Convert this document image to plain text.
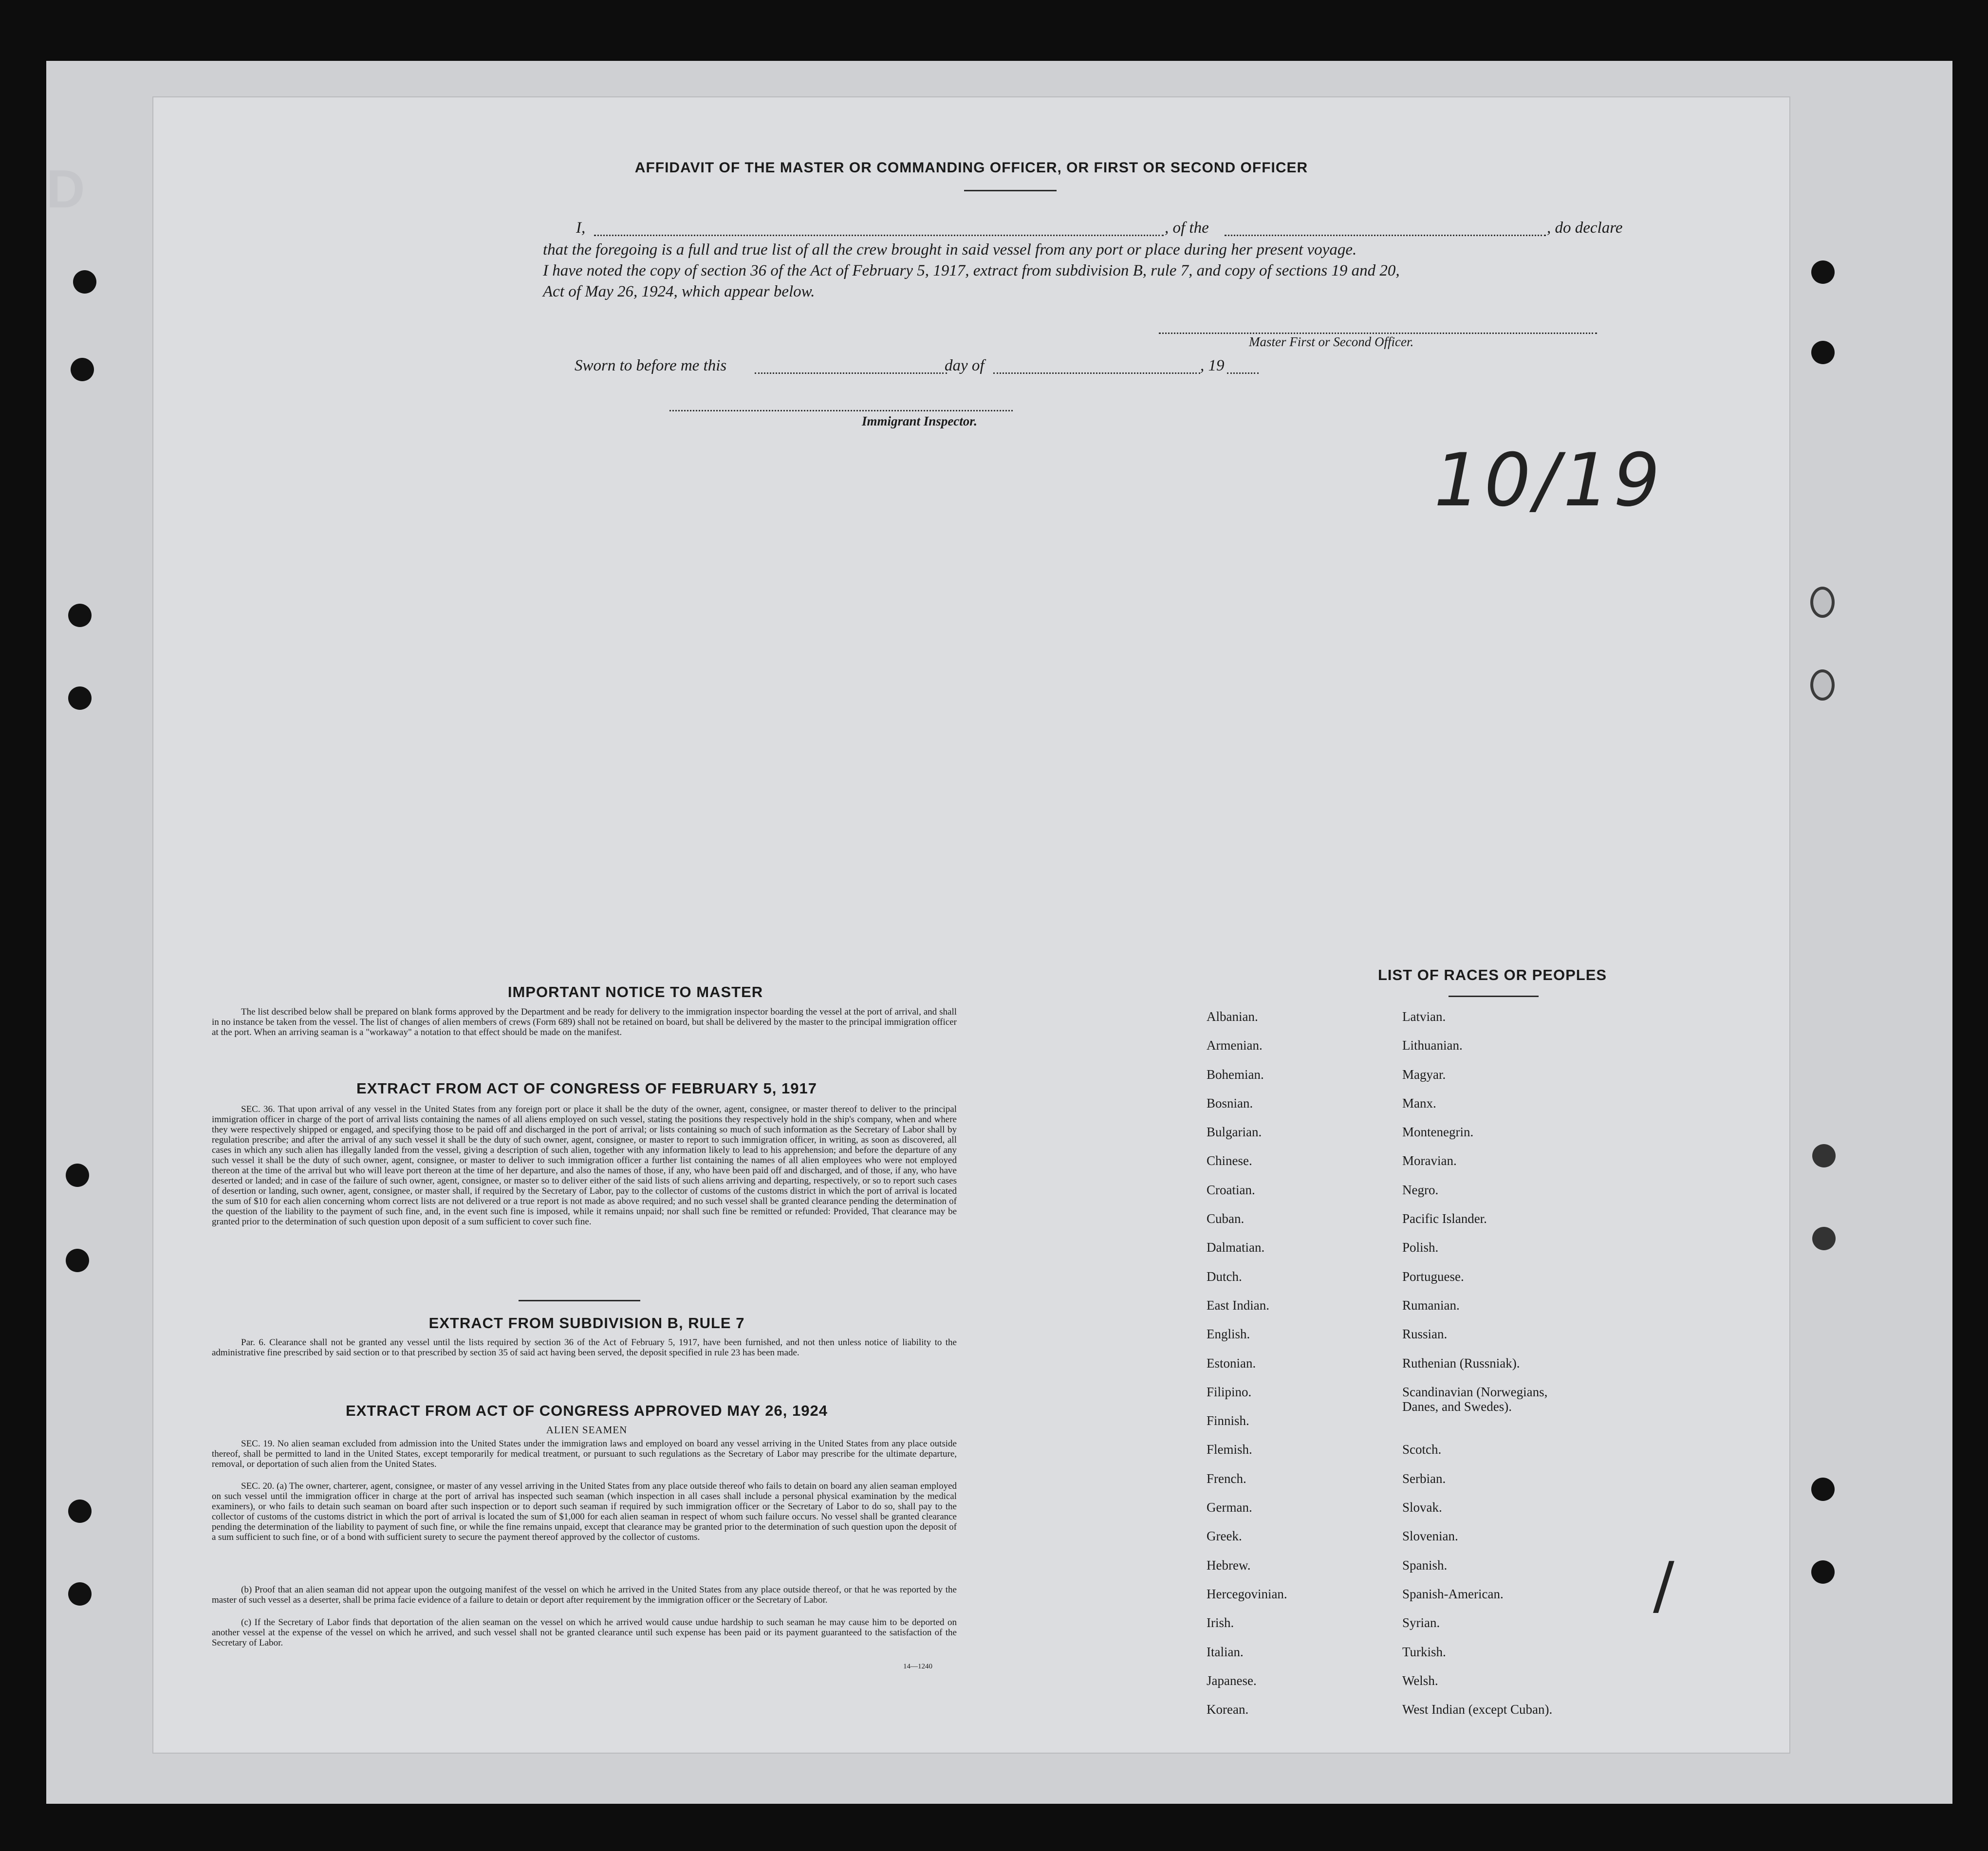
D	AFFIDAVIT OF THE MASTER OR COMMANDING OFFICER, OR FIRST OR SECOND OFFICER
I,	, of the	, do declare
that the foregoing is a full and true list of all the crew brought in said vessel from any port or place during her present voyage.
I have noted the copy of section 36 of the Act of February 5, 1917, extract from subdivision B, rule 7, and copy of sections 19 and 20,
Act of May 26, 1924, which appear below.
Master First or Second Officer.
Sworn to before me this	day of	, 19
Immigrant Inspector.
10/19
/
IMPORTANT NOTICE TO MASTER
The list described below shall be prepared on blank forms approved by the Department and be ready for delivery to the immigration inspector boarding the vessel at the port of arrival, and shall in no instance be taken from the vessel. The list of changes of alien members of crews (Form 689) shall not be retained on board, but shall be delivered by the master to the principal immigration officer at the port. When an arriving seaman is a "workaway" a notation to that effect should be made on the manifest.
EXTRACT FROM ACT OF CONGRESS OF FEBRUARY 5, 1917
SEC. 36. That upon arrival of any vessel in the United States from any foreign port or place it shall be the duty of the owner, agent, consignee, or master thereof to deliver to the principal immigration officer in charge of the port of arrival lists containing the names of all aliens employed on such vessel, stating the positions they respectively hold in the ship's company, when and where they were respectively shipped or engaged, and specifying those to be paid off and discharged in the port of arrival; or lists containing so much of such information as the Secretary of Labor shall by regulation prescribe; and after the arrival of any such vessel it shall be the duty of such owner, agent, consignee, or master to report to such immigration officer, in writing, as soon as discovered, all cases in which any such alien has illegally landed from the vessel, giving a description of such alien, together with any information likely to lead to his apprehension; and before the departure of any such vessel it shall be the duty of such owner, agent, consignee, or master to deliver to such immigration officer a further list containing the names of all alien employees who were not employed thereon at the time of the arrival but who will leave port thereon at the time of her departure, and also the names of those, if any, who have been paid off and discharged, and of those, if any, who have deserted or landed; and in case of the failure of such owner, agent, consignee, or master so to deliver either of the said lists of such aliens arriving and departing, respectively, or so to report such cases of desertion or landing, such owner, agent, consignee, or master shall, if required by the Secretary of Labor, pay to the collector of customs of the customs district in which the port of arrival is located the sum of $10 for each alien concerning whom correct lists are not delivered or a true report is not made as above required; and no such vessel shall be granted clearance pending the determination of the question of the liability to the payment of such fine, and, in the event such fine is imposed, while it remains unpaid; nor shall such fine be remitted or refunded: Provided, That clearance may be granted prior to the determination of such question upon deposit of a sum sufficient to cover such fine.
EXTRACT FROM SUBDIVISION B, RULE 7
Par. 6. Clearance shall not be granted any vessel until the lists required by section 36 of the Act of February 5, 1917, have been furnished, and not then unless notice of liability to the administrative fine prescribed by said section or to that prescribed by section 35 of said act having been served, the deposit specified in rule 23 has been made.
EXTRACT FROM ACT OF CONGRESS APPROVED MAY 26, 1924
ALIEN SEAMEN
SEC. 19. No alien seaman excluded from admission into the United States under the immigration laws and employed on board any vessel arriving in the United States from any place outside thereof, shall be permitted to land in the United States, except temporarily for medical treatment, or pursuant to such regulations as the Secretary of Labor may prescribe for the ultimate departure, removal, or deportation of such alien from the United States.
SEC. 20. (a) The owner, charterer, agent, consignee, or master of any vessel arriving in the United States from any place outside thereof who fails to detain on board any alien seaman employed on such vessel until the immigration officer in charge at the port of arrival has inspected such seaman (which inspection in all cases shall include a personal physical examination by the medical examiners), or who fails to detain such seaman on board after such inspection or to deport such seaman if required by such immigration officer or the Secretary of Labor to do so, shall pay to the collector of customs of the customs district in which the port of arrival is located the sum of $1,000 for each alien seaman in respect of whom such failure occurs. No vessel shall be granted clearance pending the determination of the liability to payment of such fine, or while the fine remains unpaid, except that clearance may be granted prior to the determination of such question upon the deposit of a sum sufficient to such fine, or of a bond with sufficient surety to secure the payment thereof approved by the collector of customs.
(b) Proof that an alien seaman did not appear upon the outgoing manifest of the vessel on which he arrived in the United States from any place outside thereof, or that he was reported by the master of such vessel as a deserter, shall be prima facie evidence of a failure to detain or deport after requirement by the immigration officer or the Secretary of Labor.
(c) If the Secretary of Labor finds that deportation of the alien seaman on the vessel on which he arrived would cause undue hardship to such seaman he may cause him to be deported on another vessel at the expense of the vessel on which he arrived, and such vessel shall not be granted clearance until such expense has been paid or its payment guaranteed to the satisfaction of the Secretary of Labor.
14—1240
LIST OF RACES OR PEOPLES
Albanian.
Armenian.
Bohemian.
Bosnian.
Bulgarian.
Chinese.
Croatian.
Cuban.
Dalmatian.
Dutch.
East Indian.
English.
Estonian.
Filipino.
Finnish.
Flemish.
French.
German.
Greek.
Hebrew.
Hercegovinian.
Irish.
Italian.
Japanese.
Korean.
Latvian.
Lithuanian.
Magyar.
Manx.
Montenegrin.
Moravian.
Negro.
Pacific Islander.
Polish.
Portuguese.
Rumanian.
Russian.
Ruthenian (Russniak).
Scandinavian (Norwegians, Danes, and Swedes).
Scotch.
Serbian.
Slovak.
Slovenian.
Spanish.
Spanish-American.
Syrian.
Turkish.
Welsh.
West Indian (except Cuban).
